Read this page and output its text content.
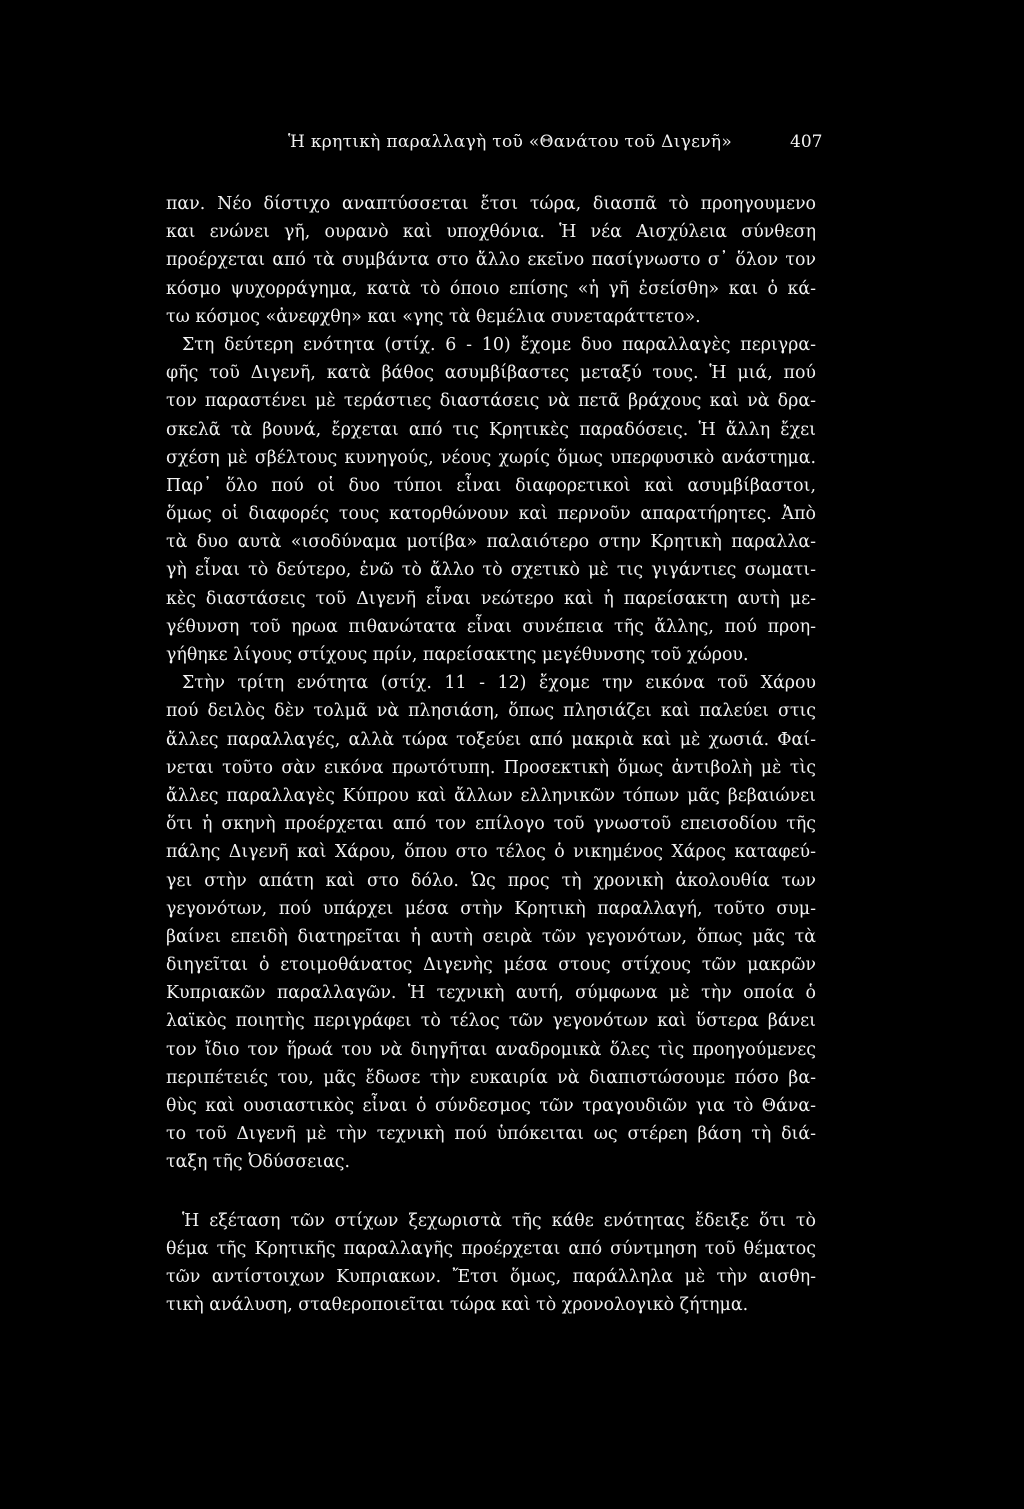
Ἡ κρητικὴ παραλλαγὴ τοῦ «Θανάτου τοῦ Διγενῆ»	407
παν. Νέο δίστιχο αναπτύσσεται ἔτσι τώρα, διασπᾶ τὸ προηγουμενο
και ενώνει γῆ, ουρανὸ καὶ υποχθόνια. Ἡ νέα Αισχύλεια σύνθεση
προέρχεται από τὰ συμβάντα στο ἄλλο εκεῖνο πασίγνωστο σ᾿ ὅλον τον
κόσμο ψυχορράγημα, κατὰ τὸ όποιο επίσης «ἡ γῆ ἐσείσθη» και ὁ κά-
τω κόσμος «ἀνεφχθη» και «γης τὰ θεμέλια συνεταράττετο».
Στη δεύτερη ενότητα (στίχ. 6 - 10) ἔχομε δυο παραλλαγὲς περιγρα-
φῆς τοῦ Διγενῆ, κατὰ βάθος ασυμβίβαστες μεταξύ τους. Ἡ μιά, πού
τον παραστένει μὲ τεράστιες διαστάσεις νὰ πετᾶ βράχους καὶ νὰ δρα-
σκελᾶ τὰ βουνά, ἔρχεται από τις Κρητικὲς παραδόσεις. Ἡ ἄλλη ἔχει
σχέση μὲ σβέλτους κυνηγούς, νέους χωρίς ὅμως υπερφυσικὸ ανάστημα.
Παρ᾿ ὅλο πού οἱ δυο τύποι εἶναι διαφορετικοὶ καὶ ασυμβίβαστοι,
ὅμως οἱ διαφορές τους κατορθώνουν καὶ περνοῦν απαρατήρητες. Ἀπὸ
τὰ δυο αυτὰ «ισοδύναμα μοτίβα» παλαιότερο στην Κρητικὴ παραλλα-
γὴ εἶναι τὸ δεύτερο, ἐνῶ τὸ ἄλλο τὸ σχετικὸ μὲ τις γιγάντιες σωματι-
κὲς διαστάσεις τοῦ Διγενῆ εἶναι νεώτερο καὶ ἡ παρείσακτη αυτὴ με-
γέθυνση τοῦ ηρωα πιθανώτατα εἶναι συνέπεια τῆς ἄλλης, πού προη-
γήθηκε λίγους στίχους πρίν, παρείσακτης μεγέθυνσης τοῦ χώρου.
Στὴν τρίτη ενότητα (στίχ. 11 - 12) ἔχομε την εικόνα τοῦ Χάρου
πού δειλὸς δὲν τολμᾶ νὰ πλησιάση, ὅπως πλησιάζει καὶ παλεύει στις
ἄλλες παραλλαγές, αλλὰ τώρα τοξεύει από μακριὰ καὶ μὲ χωσιά. Φαί-
νεται τοῦτο σὰν εικόνα πρωτότυπη. Προσεκτικὴ ὅμως ἀντιβολὴ μὲ τὶς
ἄλλες παραλλαγὲς Κύπρου καὶ ἄλλων ελληνικῶν τόπων μᾶς βεβαιώνει
ὅτι ἡ σκηνὴ προέρχεται από τον επίλογο τοῦ γνωστοῦ επεισοδίου τῆς
πάλης Διγενῆ καὶ Χάρου, ὅπου στο τέλος ὁ νικημένος Χάρος καταφεύ-
γει στὴν απάτη καὶ στο δόλο. Ὡς προς τὴ χρονικὴ ἀκολουθία των
γεγονότων, πού υπάρχει μέσα στὴν Κρητικὴ παραλλαγή, τοῦτο συμ-
βαίνει επειδὴ διατηρεῖται ἡ αυτὴ σειρὰ τῶν γεγονότων, ὅπως μᾶς τὰ
διηγεῖται ὁ ετοιμοθάνατος Διγενὴς μέσα στους στίχους τῶν μακρῶν
Κυπριακῶν παραλλαγῶν. Ἡ τεχνικὴ αυτή, σύμφωνα μὲ τὴν οποία ὁ
λαϊκὸς ποιητὴς περιγράφει τὸ τέλος τῶν γεγονότων καὶ ὕστερα βάνει
τον ἴδιο τον ἥρωά του νὰ διηγῆται αναδρομικὰ ὅλες τὶς προηγούμενες
περιπέτειές του, μᾶς ἔδωσε τὴν ευκαιρία νὰ διαπιστώσουμε πόσο βα-
θὺς καὶ ουσιαστικὸς εἶναι ὁ σύνδεσμος τῶν τραγουδιῶν για τὸ Θάνα-
το τοῦ Διγενῆ μὲ τὴν τεχνικὴ πού ὑπόκειται ως στέρεη βάση τὴ διά-
ταξη τῆς Ὀδύσσειας.
Ἡ εξέταση τῶν στίχων ξεχωριστὰ τῆς κάθε ενότητας ἔδειξε ὅτι τὸ
θέμα τῆς Κρητικῆς παραλλαγῆς προέρχεται από σύντμηση τοῦ θέματος
τῶν αντίστοιχων Κυπριακων. Ἔτσι ὅμως, παράλληλα μὲ τὴν αισθη-
τικὴ ανάλυση, σταθεροποιεῖται τώρα καὶ τὸ χρονολογικὸ ζήτημα.
